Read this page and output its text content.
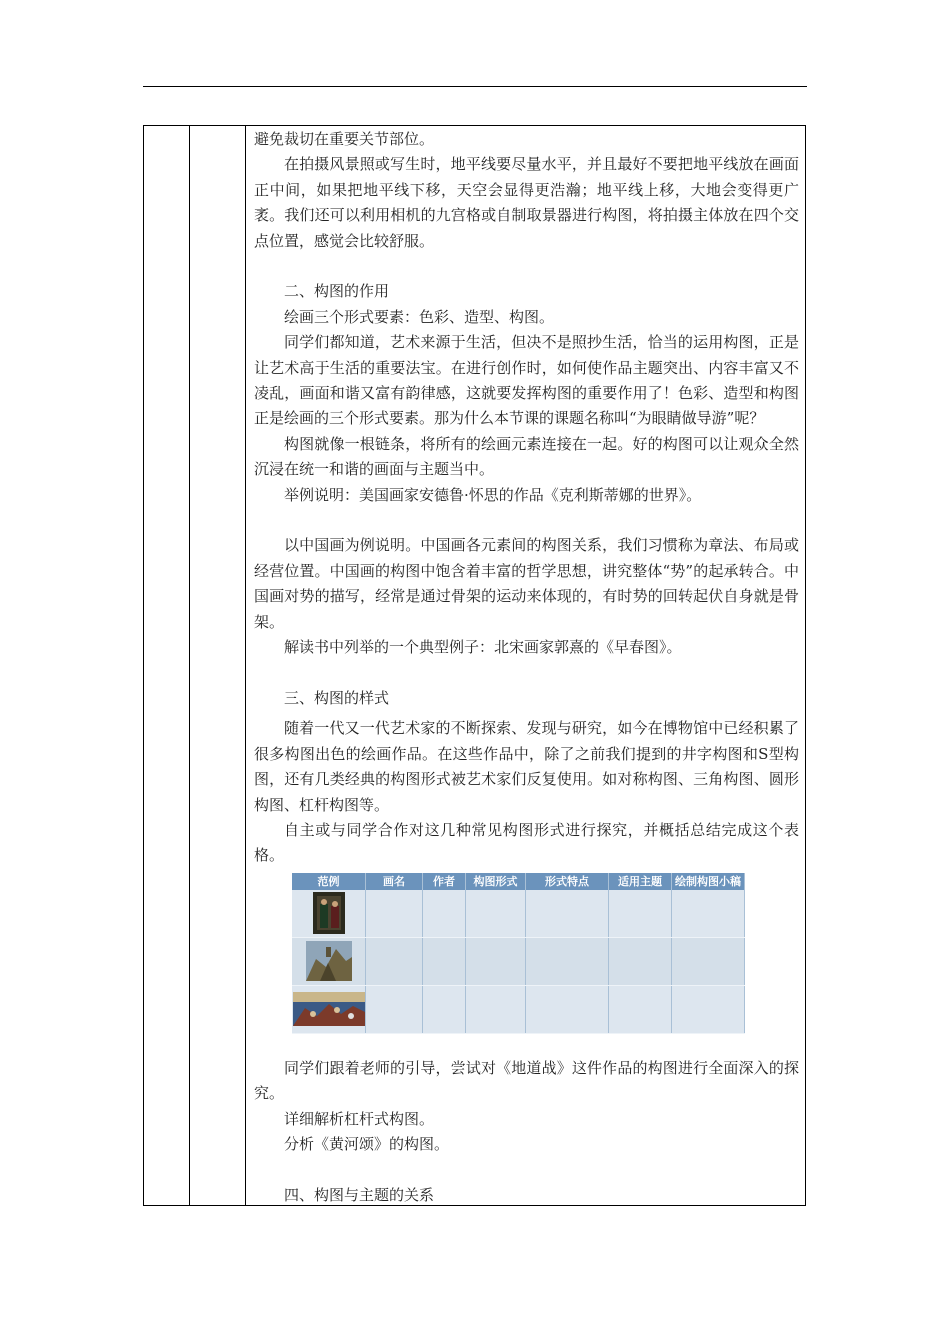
避免裁切在重要关节部位。

在拍摄风景照或写生时，地平线要尽量水平，并且最好不要把地平线放在画面正中间，如果把地平线下移，天空会显得更浩瀚；地平线上移，大地会变得更广袤。我们还可以利用相机的九宫格或自制取景器进行构图，将拍摄主体放在四个交点位置，感觉会比较舒服。

二、构图的作用

绘画三个形式要素：色彩、造型、构图。

同学们都知道，艺术来源于生活，但决不是照抄生活，恰当的运用构图，正是让艺术高于生活的重要法宝。在进行创作时，如何使作品主题突出、内容丰富又不凌乱，画面和谐又富有韵律感，这就要发挥构图的重要作用了！色彩、造型和构图正是绘画的三个形式要素。那为什么本节课的课题名称叫“为眼睛做导游”呢？

构图就像一根链条，将所有的绘画元素连接在一起。好的构图可以让观众全然沉浸在统一和谐的画面与主题当中。

举例说明：美国画家安德鲁·怀思的作品《克利斯蒂娜的世界》。

以中国画为例说明。中国画各元素间的构图关系，我们习惯称为章法、布局或经营位置。中国画的构图中饱含着丰富的哲学思想，讲究整体“势”的起承转合。中国画对势的描写，经常是通过骨架的运动来体现的，有时势的回转起伏自身就是骨架。

解读书中列举的一个典型例子：北宋画家郭熹的《早春图》。

三、构图的样式

随着一代又一代艺术家的不断探索、发现与研究，如今在博物馆中已经积累了很多构图出色的绘画作品。在这些作品中，除了之前我们提到的井字构图和S型构图，还有几类经典的构图形式被艺术家们反复使用。如对称构图、三角构图、圆形构图、杠杆构图等。

自主或与同学合作对这几种常见构图形式进行探究，并概括总结完成这个表格。

范例	画名	作者	构图形式	形式特点	适用主题	绘制构图小稿

同学们跟着老师的引导，尝试对《地道战》这件作品的构图进行全面深入的探究。

详细解析杠杆式构图。

分析《黄河颂》的构图。

四、构图与主题的关系
